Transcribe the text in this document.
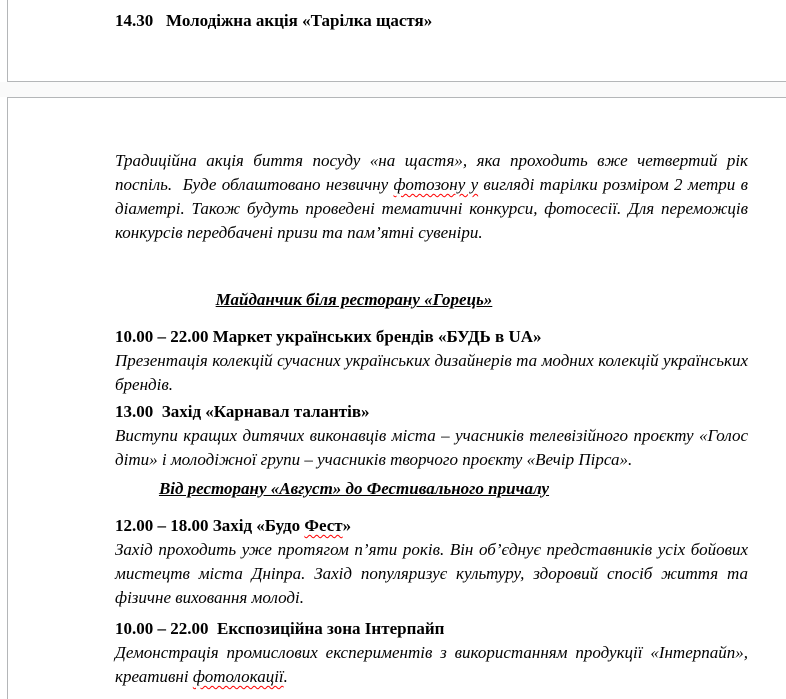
14.30   Молодіжна акція «Тарілка щастя»

Традиційна акція биття посуду «на щастя», яка проходить вже четвертий рік поспіль.  Буде облаштовано незвичну фотозону у вигляді тарілки розміром 2 метри в діаметрі. Також будуть проведені тематичні конкурси, фотосесії. Для переможців конкурсів передбачені призи та пам’ятні сувеніри.

Майданчик біля ресторану «Горець»

10.00 – 22.00 Маркет українських брендів «БУДЬ в UA»

Презентація колекцій сучасних українських дизайнерів та модних колекцій українських брендів.

13.00  Захід «Карнавал талантів»

Виступи кращих дитячих виконавців міста – учасників телевізійного проєкту «Голос діти» і молодіжної групи – учасників творчого проєкту «Вечір Пірса».

Від ресторану «Август» до Фестивального причалу

12.00 – 18.00 Захід «Будо Фест»

Захід проходить уже протягом п’яти років. Він об’єднує представників усіх бойових мистецтв міста Дніпра. Захід популяризує культуру, здоровий спосіб життя та фізичне виховання молоді.

10.00 – 22.00  Експозиційна зона Інтерпайп

Демонстрація промислових експериментів з використанням продукції «Інтерпайп», креативні фотолокації.
